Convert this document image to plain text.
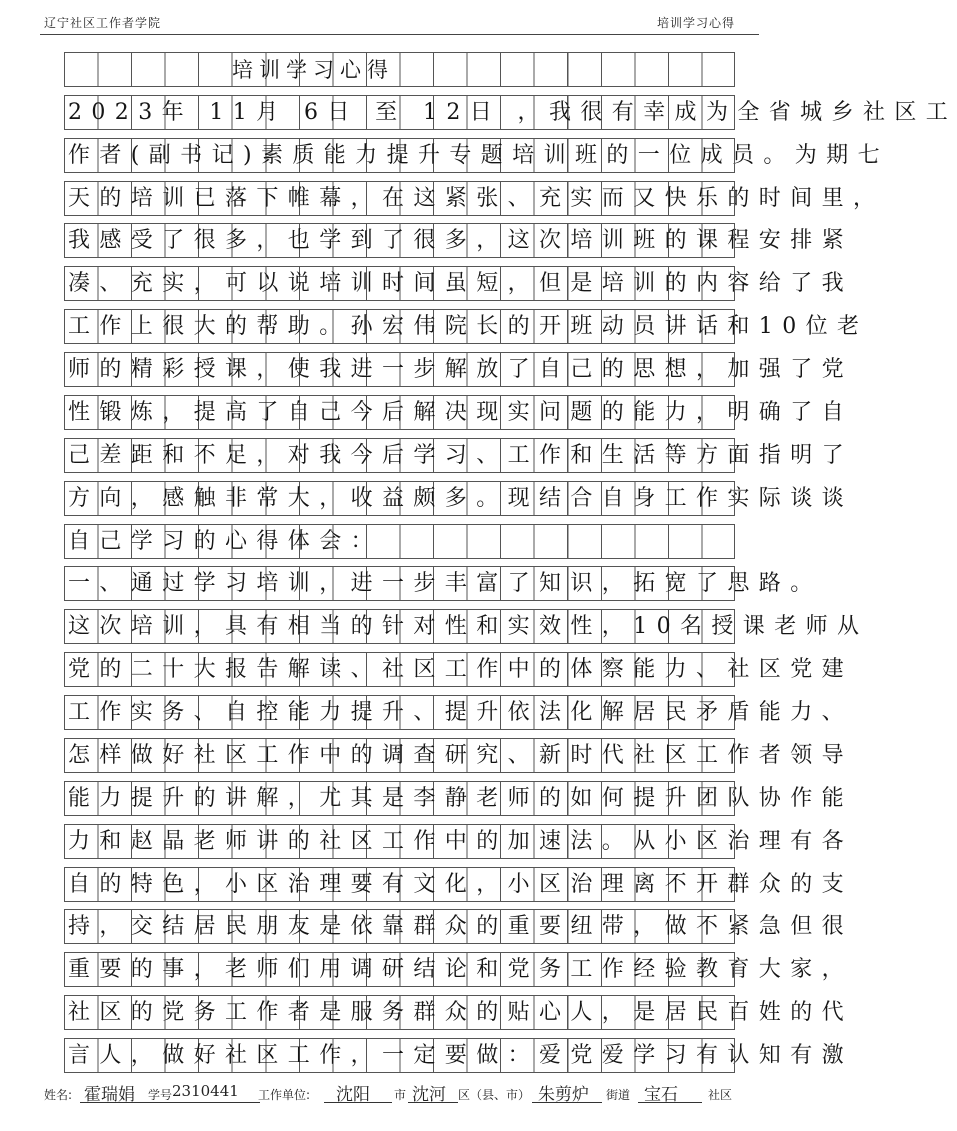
辽宁社区工作者学院	培训学习心得
培训学习心得
2023年 11月 6日 至 12日 ，我很有幸成为全省城乡社区工
作者(副书记)素质能力提升专题培训班的一位成员。为期七
天的培训已落下帷幕，在这紧张、充实而又快乐的时间里，
我感受了很多，也学到了很多，这次培训班的课程安排紧
凑、充实，可以说培训时间虽短，但是培训的内容给了我
工作上很大的帮助。孙宏伟院长的开班动员讲话和10位老
师的精彩授课，使我进一步解放了自己的思想，加强了党
性锻炼，提高了自己今后解决现实问题的能力，明确了自
己差距和不足，对我今后学习、工作和生活等方面指明了
方向，感触非常大，收益颇多。现结合自身工作实际谈谈
自己学习的心得体会：
一、通过学习培训，进一步丰富了知识，拓宽了思路。
这次培训，具有相当的针对性和实效性，10名授课老师从
党的二十大报告解读、社区工作中的体察能力、社区党建
工作实务、自控能力提升、提升依法化解居民矛盾能力、
怎样做好社区工作中的调查研究、新时代社区工作者领导
能力提升的讲解，尤其是李静老师的如何提升团队协作能
力和赵晶老师讲的社区工作中的加速法。从小区治理有各
自的特色，小区治理要有文化，小区治理离不开群众的支
持，交结居民朋友是依靠群众的重要纽带，做不紧急但很
重要的事，老师们用调研结论和党务工作经验教育大家，
社区的党务工作者是服务群众的贴心人，是居民百姓的代
言人，做好社区工作，一定要做：爱党爱学习有认知有激
姓名: 霍瑞娟 学号 2310441 工作单位: 沈阳 市 沈河 区（县、市） 朱剪炉 街道 宝石	社区
